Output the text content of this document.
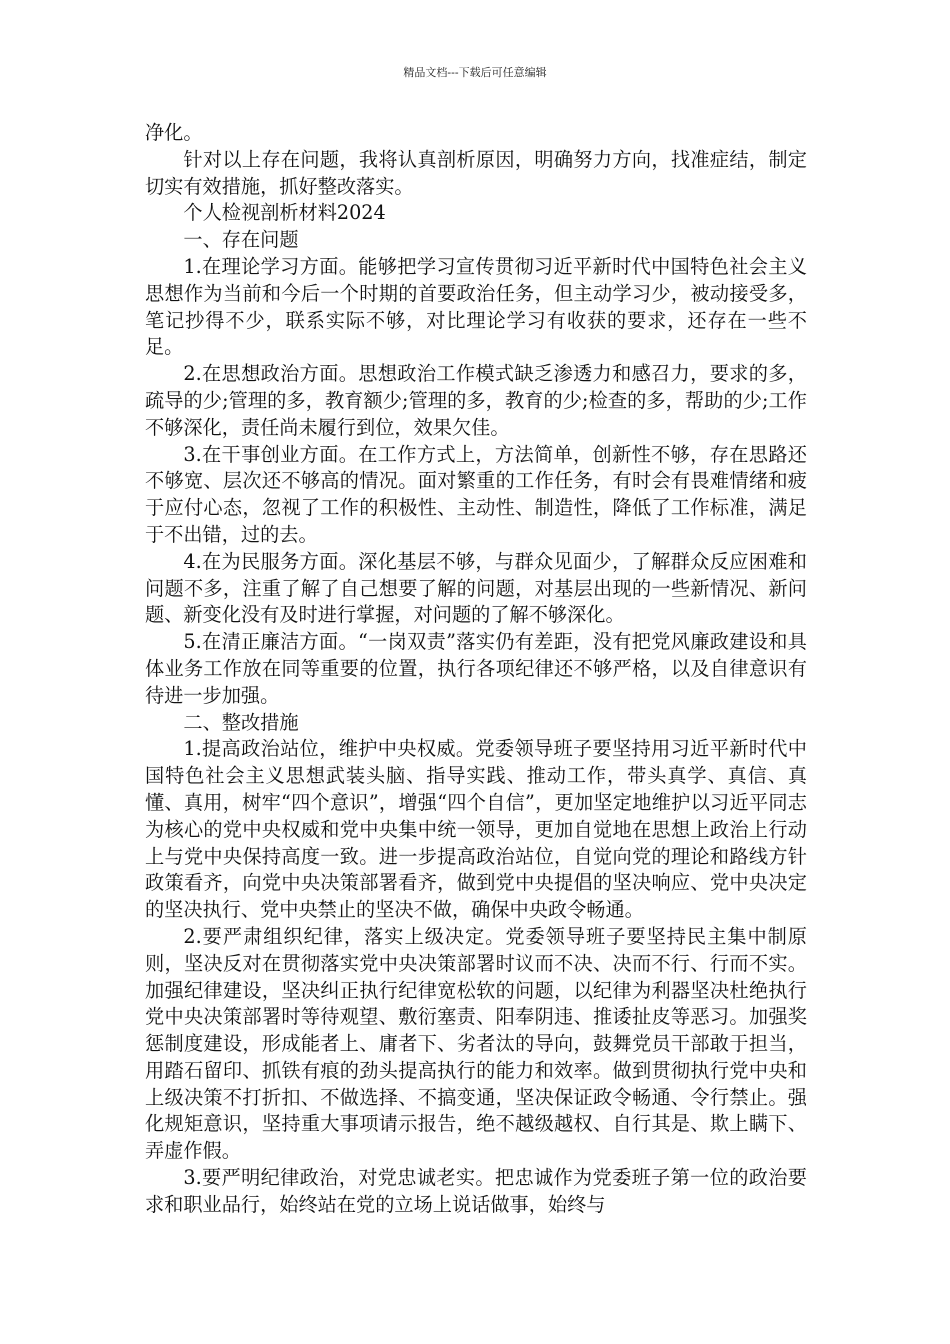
精品文档---下载后可任意编辑

净化。

针对以上存在问题，我将认真剖析原因，明确努力方向，找准症结，制定切实有效措施，抓好整改落实。

个人检视剖析材料2024

一、存在问题

1.在理论学习方面。能够把学习宣传贯彻习近平新时代中国特色社会主义思想作为当前和今后一个时期的首要政治任务，但主动学习少，被动接受多，笔记抄得不少，联系实际不够，对比理论学习有收获的要求，还存在一些不足。

2.在思想政治方面。思想政治工作模式缺乏渗透力和感召力，要求的多，疏导的少;管理的多，教育额少;管理的多，教育的少;检查的多，帮助的少;工作不够深化，责任尚未履行到位，效果欠佳。

3.在干事创业方面。在工作方式上，方法简单，创新性不够，存在思路还不够宽、层次还不够高的情况。面对繁重的工作任务，有时会有畏难情绪和疲于应付心态，忽视了工作的积极性、主动性、制造性，降低了工作标准，满足于不出错，过的去。

4.在为民服务方面。深化基层不够，与群众见面少，了解群众反应困难和问题不多，注重了解了自己想要了解的问题，对基层出现的一些新情况、新问题、新变化没有及时进行掌握，对问题的了解不够深化。

5.在清正廉洁方面。“一岗双责”落实仍有差距，没有把党风廉政建设和具体业务工作放在同等重要的位置，执行各项纪律还不够严格，以及自律意识有待进一步加强。

二、整改措施

1.提高政治站位，维护中央权威。党委领导班子要坚持用习近平新时代中国特色社会主义思想武装头脑、指导实践、推动工作，带头真学、真信、真懂、真用，树牢“四个意识”，增强“四个自信”，更加坚定地维护以习近平同志为核心的党中央权威和党中央集中统一领导，更加自觉地在思想上政治上行动上与党中央保持高度一致。进一步提高政治站位，自觉向党的理论和路线方针政策看齐，向党中央决策部署看齐，做到党中央提倡的坚决响应、党中央决定的坚决执行、党中央禁止的坚决不做，确保中央政令畅通。

2.要严肃组织纪律，落实上级决定。党委领导班子要坚持民主集中制原则，坚决反对在贯彻落实党中央决策部署时议而不决、决而不行、行而不实。加强纪律建设，坚决纠正执行纪律宽松软的问题，以纪律为利器坚决杜绝执行党中央决策部署时等待观望、敷衍塞责、阳奉阴违、推诿扯皮等恶习。加强奖惩制度建设，形成能者上、庸者下、劣者汰的导向，鼓舞党员干部敢于担当，用踏石留印、抓铁有痕的劲头提高执行的能力和效率。做到贯彻执行党中央和上级决策不打折扣、不做选择、不搞变通，坚决保证政令畅通、令行禁止。强化规矩意识，坚持重大事项请示报告，绝不越级越权、自行其是、欺上瞒下、弄虚作假。

3.要严明纪律政治，对党忠诚老实。把忠诚作为党委班子第一位的政治要求和职业品行，始终站在党的立场上说话做事，始终与
